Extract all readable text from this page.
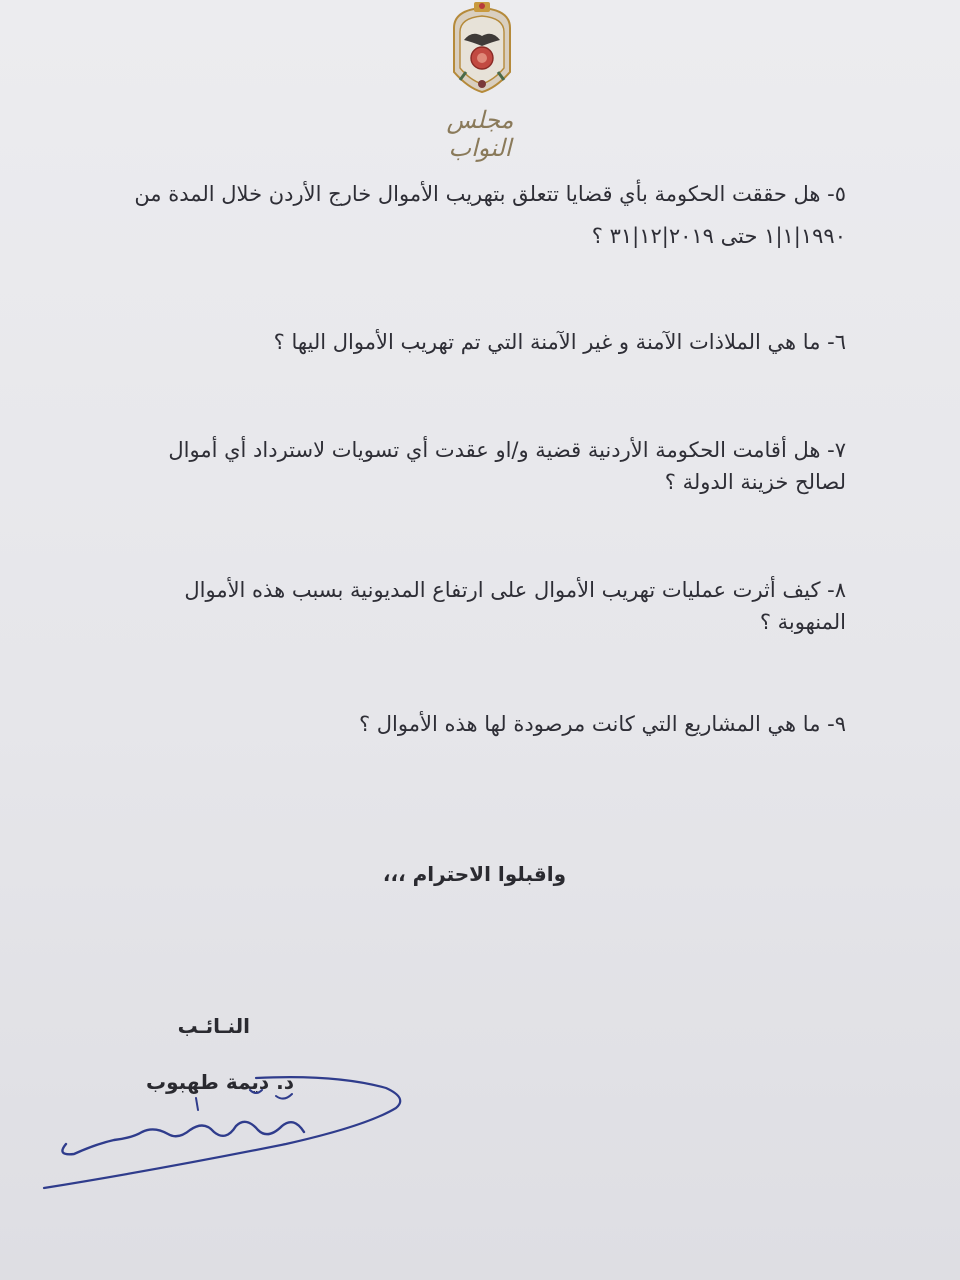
مجلس النواب
٥- هل حققت الحكومة بأي قضايا تتعلق بتهريب الأموال خارج الأردن خلال المدة من
١٩٩٠|١|١ حتى ٢٠١٩|١٢|٣١ ؟
٦- ما هي الملاذات الآمنة و غير الآمنة التي تم تهريب الأموال اليها ؟
٧- هل أقامت الحكومة الأردنية قضية و/او عقدت أي تسويات لاسترداد أي أموال
لصالح خزينة الدولة ؟
٨- كيف أثرت عمليات تهريب الأموال على ارتفاع المديونية بسبب هذه الأموال
المنهوبة ؟
٩- ما هي المشاريع التي كانت مرصودة لها هذه الأموال ؟
واقبلوا الاحترام ،،،
النـائـب
د. ديمة طهبوب
